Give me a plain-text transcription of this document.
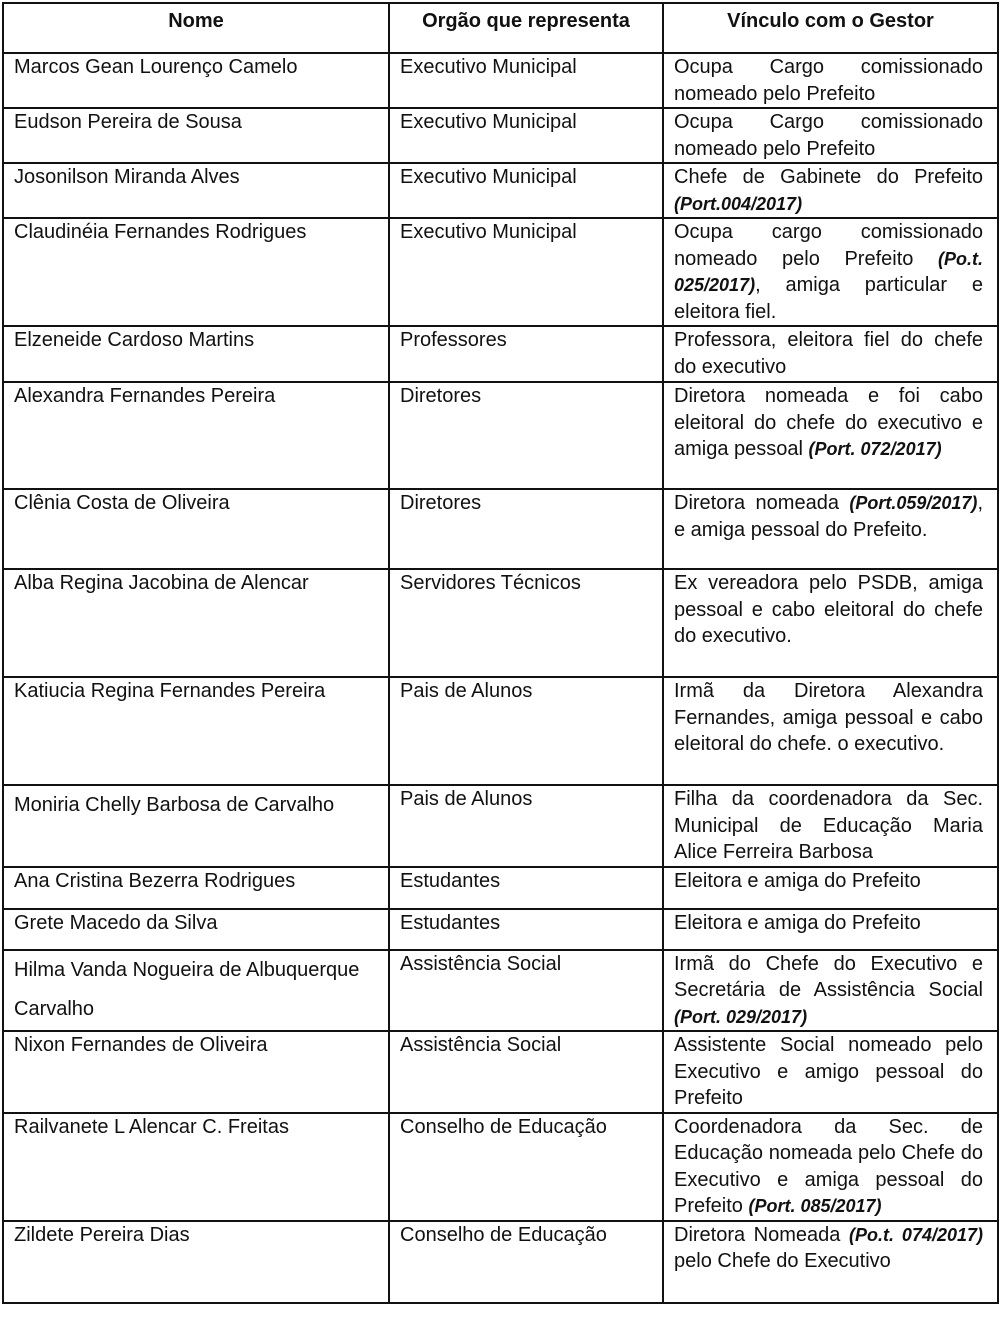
Nome	Orgão que representa	Vínculo com o Gestor
Marcos Gean Lourenço Camelo	Executivo Municipal	Ocupa Cargo comissionado nomeado pelo Prefeito
Eudson Pereira de Sousa	Executivo Municipal	Ocupa Cargo comissionado nomeado pelo Prefeito
Josonilson Miranda Alves	Executivo Municipal	Chefe de Gabinete do Prefeito (Port.004/2017)
Claudinéia Fernandes Rodrigues	Executivo Municipal	Ocupa cargo comissionado nomeado pelo Prefeito (Po.t. 025/2017), amiga particular e eleitora fiel.
Elzeneide Cardoso Martins	Professores	Professora, eleitora fiel do chefe do executivo
Alexandra Fernandes Pereira	Diretores	Diretora nomeada e foi cabo eleitoral do chefe do executivo e amiga pessoal (Port. 072/2017)
Clênia Costa de Oliveira	Diretores	Diretora nomeada (Port.059/2017), e amiga pessoal do Prefeito.
Alba Regina Jacobina de Alencar	Servidores Técnicos	Ex vereadora pelo PSDB, amiga pessoal e cabo eleitoral do chefe do executivo.
Katiucia Regina Fernandes Pereira	Pais de Alunos	Irmã da Diretora Alexandra Fernandes, amiga pessoal e cabo eleitoral do chefe. o executivo.
Moniria Chelly Barbosa de Carvalho	Pais de Alunos	Filha da coordenadora da Sec. Municipal de Educação Maria Alice Ferreira Barbosa
Ana Cristina Bezerra Rodrigues	Estudantes	Eleitora e amiga do Prefeito
Grete Macedo da Silva	Estudantes	Eleitora e amiga do Prefeito
Hilma Vanda Nogueira de Albuquerque Carvalho	Assistência Social	Irmã do Chefe do Executivo e Secretária de Assistência Social (Port. 029/2017)
Nixon Fernandes de Oliveira	Assistência Social	Assistente Social nomeado pelo Executivo e amigo pessoal do Prefeito
Railvanete L Alencar C. Freitas	Conselho de Educação	Coordenadora da Sec. de Educação nomeada pelo Chefe do Executivo e amiga pessoal do Prefeito (Port. 085/2017)
Zildete Pereira Dias	Conselho de Educação	Diretora Nomeada (Po.t. 074/2017) pelo Chefe do Executivo
